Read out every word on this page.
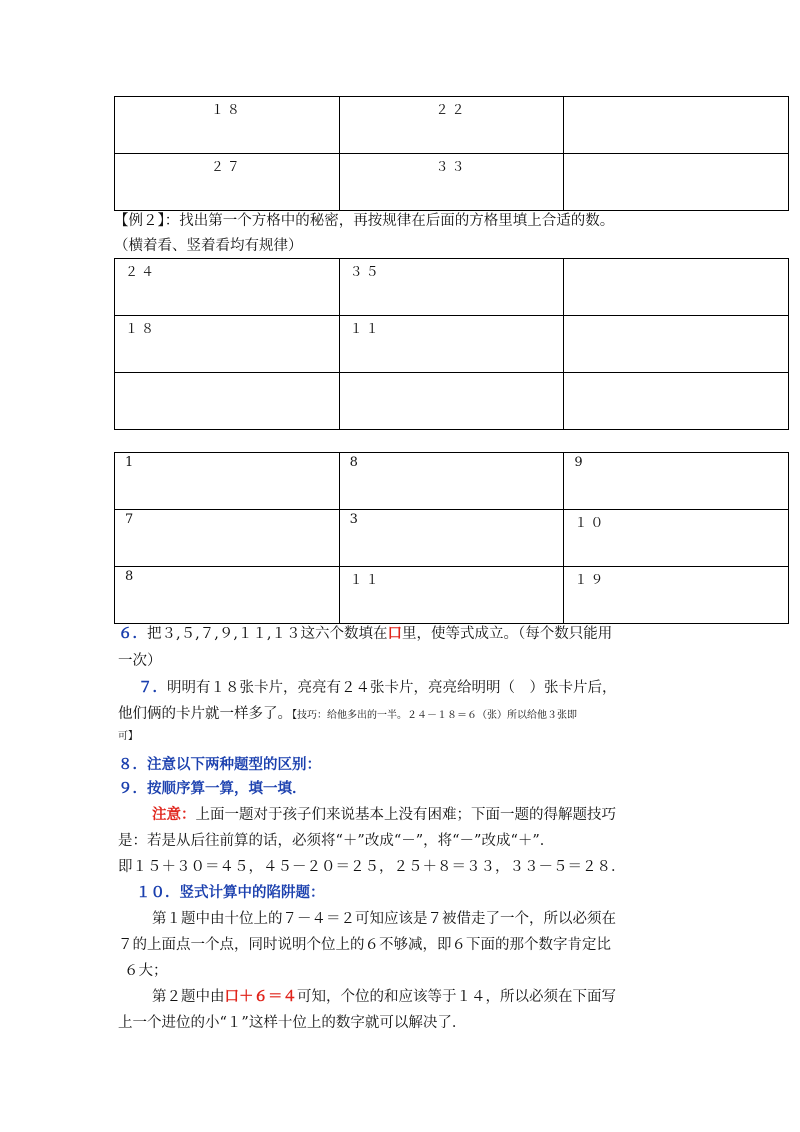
１８	２２	
２７	３３	
【例２】：找出第一个方格中的秘密，再按规律在后面的方格里填上合适的数。
（横着看、竖着看均有规律）
２４	３５	
１８	１１	

1	8	9
7	3	１０
8	１１	１９
６．把３,５,７,９,１１,１３这六个数填在口里，使等式成立。（每个数只能用
一次）
７．明明有１８张卡片，亮亮有２４张卡片，亮亮给明明（　）张卡片后，
他们俩的卡片就一样多了。【技巧：给他多出的一半。２４－１８＝６（张）所以给他３张即
可】
８．注意以下两种题型的区别：
９．按顺序算一算，填一填．
注意：上面一题对于孩子们来说基本上没有困难；下面一题的得解题技巧
是：若是从后往前算的话，必须将“＋”改成“－”，将“－”改成“＋”．
即１５＋３０＝４５，４５－２０＝２５，２５＋８＝３３，３３－５＝２８．
１０．竖式计算中的陷阱题：
第１题中由十位上的７－４＝２可知应该是７被借走了一个，所以必须在
７的上面点一个点，同时说明个位上的６不够减，即６下面的那个数字肯定比
６大；
第２题中由口＋６＝４可知，个位的和应该等于１４，所以必须在下面写
上一个进位的小“１”这样十位上的数字就可以解决了．
